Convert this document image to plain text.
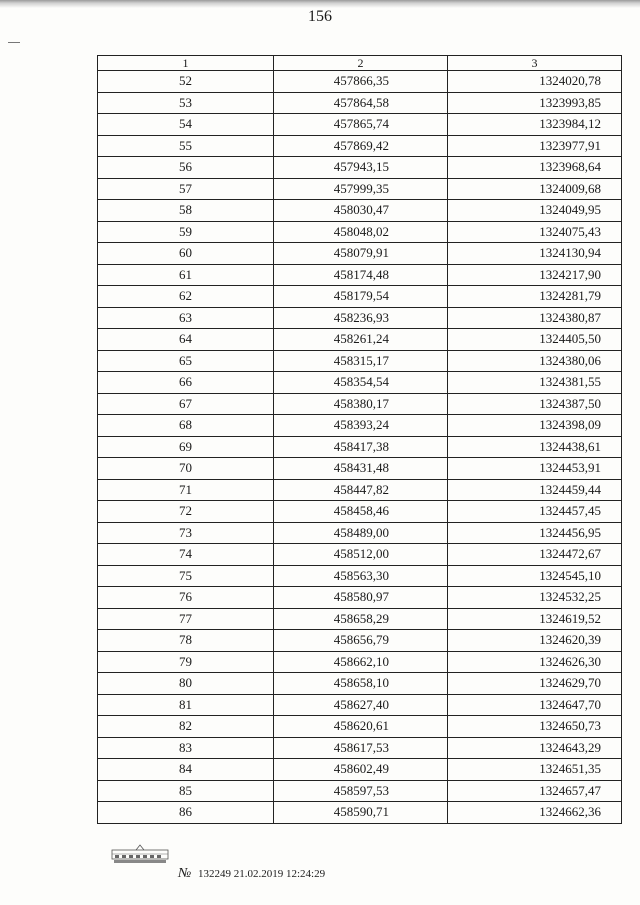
156
1	2	3
52	457866,35	1324020,78
53	457864,58	1323993,85
54	457865,74	1323984,12
55	457869,42	1323977,91
56	457943,15	1323968,64
57	457999,35	1324009,68
58	458030,47	1324049,95
59	458048,02	1324075,43
60	458079,91	1324130,94
61	458174,48	1324217,90
62	458179,54	1324281,79
63	458236,93	1324380,87
64	458261,24	1324405,50
65	458315,17	1324380,06
66	458354,54	1324381,55
67	458380,17	1324387,50
68	458393,24	1324398,09
69	458417,38	1324438,61
70	458431,48	1324453,91
71	458447,82	1324459,44
72	458458,46	1324457,45
73	458489,00	1324456,95
74	458512,00	1324472,67
75	458563,30	1324545,10
76	458580,97	1324532,25
77	458658,29	1324619,52
78	458656,79	1324620,39
79	458662,10	1324626,30
80	458658,10	1324629,70
81	458627,40	1324647,70
82	458620,61	1324650,73
83	458617,53	1324643,29
84	458602,49	1324651,35
85	458597,53	1324657,47
86	458590,71	1324662,36
№ 132249 21.02.2019 12:24:29
